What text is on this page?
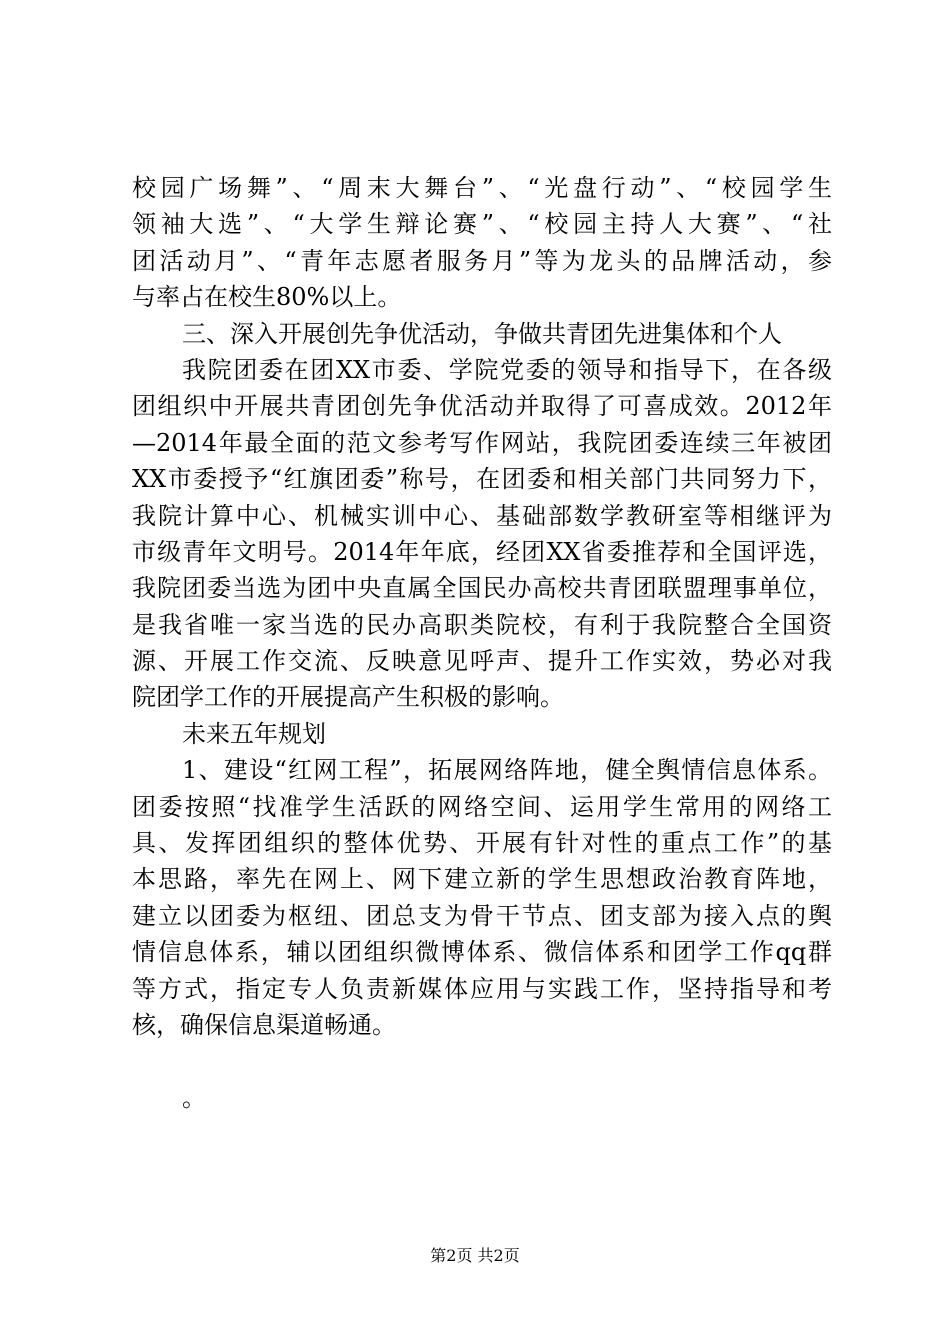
校园广场舞”、“周末大舞台”、“光盘行动”、“校园学生
领袖大选”、“大学生辩论赛”、“校园主持人大赛”、“社
团活动月”、“青年志愿者服务月”等为龙头的品牌活动，参
与率占在校生80%以上。
三、深入开展创先争优活动，争做共青团先进集体和个人
我院团委在团XX市委、学院党委的领导和指导下，在各级
团组织中开展共青团创先争优活动并取得了可喜成效。2012年
—2014年最全面的范文参考写作网站，我院团委连续三年被团
XX市委授予“红旗团委”称号，在团委和相关部门共同努力下，
我院计算中心、机械实训中心、基础部数学教研室等相继评为
市级青年文明号。2014年年底，经团XX省委推荐和全国评选，
我院团委当选为团中央直属全国民办高校共青团联盟理事单位，
是我省唯一家当选的民办高职类院校，有利于我院整合全国资
源、开展工作交流、反映意见呼声、提升工作实效，势必对我
院团学工作的开展提高产生积极的影响。
未来五年规划
1、建设“红网工程”，拓展网络阵地，健全舆情信息体系。
团委按照“找准学生活跃的网络空间、运用学生常用的网络工
具、发挥团组织的整体优势、开展有针对性的重点工作”的基
本思路，率先在网上、网下建立新的学生思想政治教育阵地，
建立以团委为枢纽、团总支为骨干节点、团支部为接入点的舆
情信息体系，辅以团组织微博体系、微信体系和团学工作qq群
等方式，指定专人负责新媒体应用与实践工作，坚持指导和考
核，确保信息渠道畅通。
。
第2页 共2页
